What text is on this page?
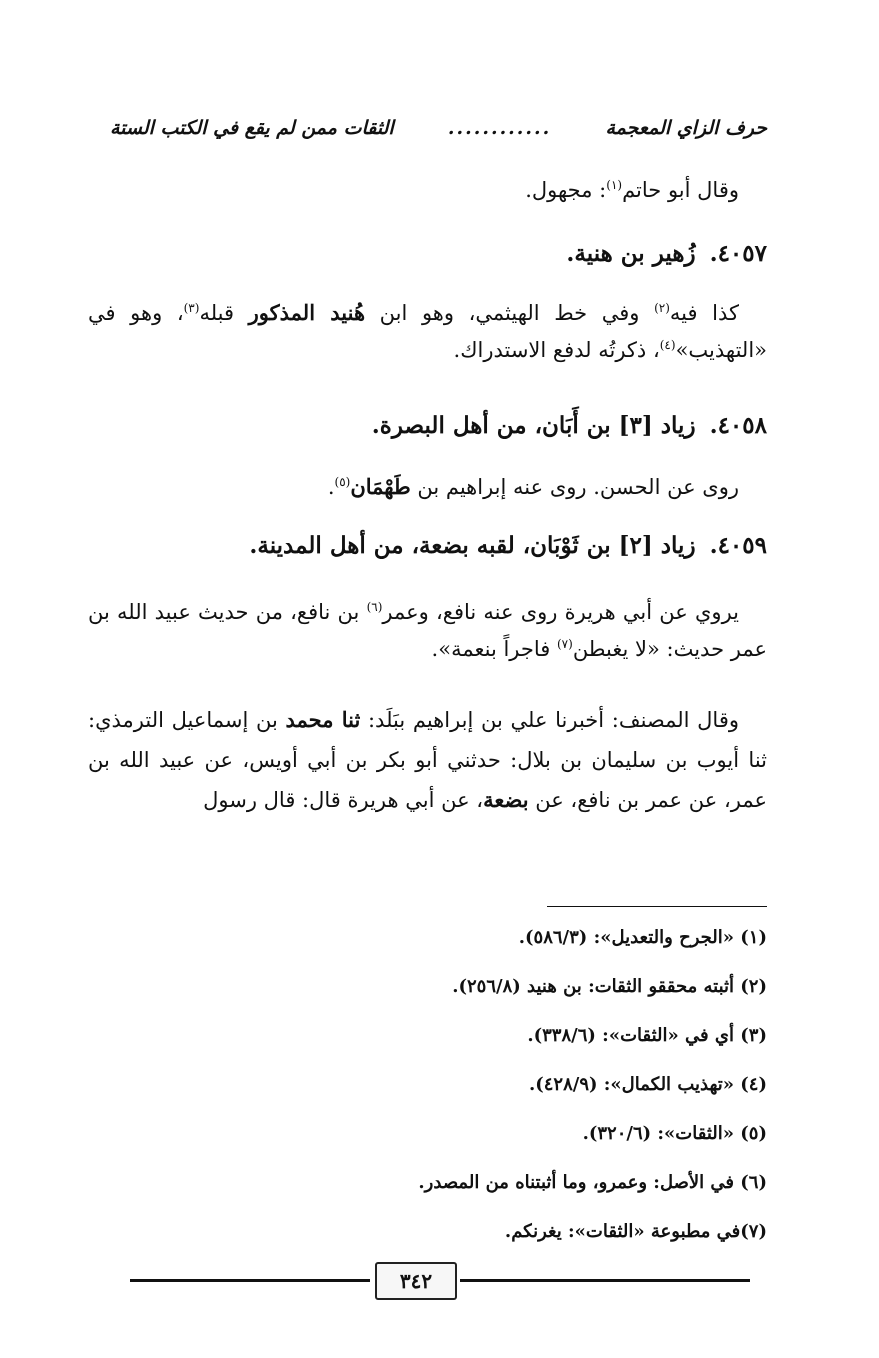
حرف الزاي المعجمة
............
الثقات ممن لم يقع في الكتب الستة
وقال أبو حاتم$^{(١)}$: مجهول.
٤٠٥٧.زُهير بن هنية.
كذا فيه$^{(٢)}$ وفي خط الهيثمي، وهو ابن هُنيد المذكور قبله$^{(٣)}$، وهو في «التهذيب»$^{(٤)}$، ذكرتُه لدفع الاستدراك.
٤٠٥٨.زياد [٣] بن أَبَان، من أهل البصرة.
روى عن الحسن. روى عنه إبراهيم بن طَهْمَان$^{(٥)}$.
٤٠٥٩.زياد [٢] بن ثَوْبَان، لقبه بضعة، من أهل المدينة.
يروي عن أبي هريرة روى عنه نافع، وعمر$^{(٦)}$ بن نافع، من حديث عبيد الله بن عمر حديث: «لا يغبطن$^{(٧)}$ فاجراً بنعمة».
وقال المصنف: أخبرنا علي بن إبراهيم ببَلَد: ثنا محمد بن إسماعيل الترمذي: ثنا أيوب بن سليمان بن بلال: حدثني أبو بكر بن أبي أويس، عن عبيد الله بن عمر، عن عمر بن نافع، عن بضعة، عن أبي هريرة قال: قال رسول
(١) «الجرح والتعديل»: (٥٨٦/٣).
(٢) أثبته محققو الثقات: بن هنيد (٢٥٦/٨).
(٣) أي في «الثقات»: (٣٣٨/٦).
(٤) «تهذيب الكمال»: (٤٢٨/٩).
(٥) «الثقات»: (٣٢٠/٦).
(٦) في الأصل: وعمرو، وما أثبتناه من المصدر.
(٧)في مطبوعة «الثقات»: يغرنكم.
٣٤٢
